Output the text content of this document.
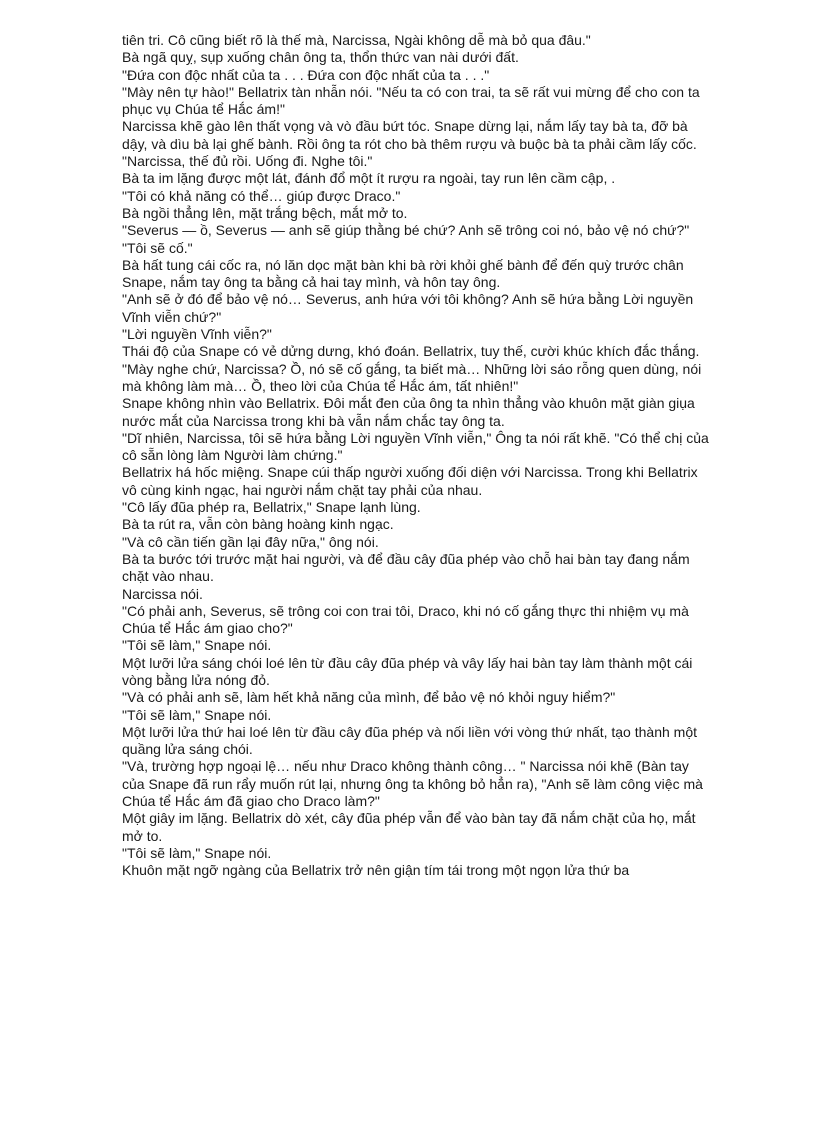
tiên tri. Cô cũng biết rõ là thế mà, Narcissa, Ngài không dễ mà bỏ qua đâu."

Bà ngã quỵ, sụp xuống chân ông ta, thổn thức van nài dưới đất.

"Đứa con độc nhất của ta . . . Đứa con độc nhất của ta . . ."

"Mày nên tự hào!" Bellatrix tàn nhẫn nói. "Nếu ta có con trai, ta sẽ rất vui mừng để cho con ta phục vụ Chúa tể Hắc ám!"

Narcissa khẽ gào lên thất vọng và vò đầu bứt tóc. Snape dừng lại, nắm lấy tay bà ta, đỡ bà dậy, và dìu bà lại ghế bành. Rồi ông ta rót cho bà thêm rượu và buộc bà ta phải cầm lấy cốc.

"Narcissa, thế đủ rồi. Uống đi. Nghe tôi."

Bà ta im lặng được một lát, đánh đổ một ít rượu ra ngoài, tay run lên cầm cập, .

"Tôi có khả năng có thể… giúp được Draco."

Bà ngồi thẳng lên, mặt trắng bệch, mắt mở to.

"Severus — ồ, Severus — anh sẽ giúp thằng bé chứ? Anh sẽ trông coi nó, bảo vệ nó chứ?"

"Tôi sẽ cố."

Bà hất tung cái cốc ra, nó lăn dọc mặt bàn khi bà rời khỏi ghế bành để đến quỳ trước chân Snape, nắm tay ông ta bằng cả hai tay mình, và hôn tay ông.

"Anh sẽ ở đó để bảo vệ nó… Severus, anh hứa với tôi không? Anh sẽ hứa bằng Lời nguyền Vĩnh viễn chứ?"

"Lời nguyền Vĩnh viễn?"

Thái độ của Snape có vẻ dửng dưng, khó đoán. Bellatrix, tuy thế, cười khúc khích đắc thắng.

"Mày nghe chứ, Narcissa? Ồ, nó sẽ cố gắng, ta biết mà… Những lời sáo rỗng quen dùng, nói mà không làm mà… Ồ, theo lời của Chúa tể Hắc ám, tất nhiên!"

Snape không nhìn vào Bellatrix. Đôi mắt đen của ông ta nhìn thẳng vào khuôn mặt giàn giụa nước mắt của Narcissa trong khi bà vẫn nắm chắc tay ông ta.

"Dĩ nhiên, Narcissa, tôi sẽ hứa bằng Lời nguyền Vĩnh viễn," Ông ta nói rất khẽ. "Có thể chị của cô sẵn lòng làm Người làm chứng."

Bellatrix há hốc miệng. Snape cúi thấp người xuống đối diện với Narcissa. Trong khi Bellatrix vô cùng kinh ngạc, hai người nắm chặt tay phải của nhau.

"Cô lấy đũa phép ra, Bellatrix," Snape lạnh lùng.

Bà ta rút ra, vẫn còn bàng hoàng kinh ngạc.

"Và cô cần tiến gần lại đây nữa," ông nói.

Bà ta bước tới trước mặt hai người, và để đầu cây đũa phép vào chỗ hai bàn tay đang nắm chặt vào nhau.

Narcissa nói.

"Có phải anh, Severus, sẽ trông coi con trai tôi, Draco, khi nó cố gắng thực thi nhiệm vụ mà Chúa tể Hắc ám giao cho?"

"Tôi sẽ làm," Snape nói.

Một lưỡi lửa sáng chói loé lên từ đầu cây đũa phép và vây lấy hai bàn tay làm thành một cái vòng bằng lửa nóng đỏ.

"Và có phải anh sẽ, làm hết khả năng của mình, để bảo vệ nó khỏi nguy hiểm?"

"Tôi sẽ làm," Snape nói.

Một lưỡi lửa thứ hai loé lên từ đầu cây đũa phép và nối liền với vòng thứ nhất, tạo thành một quầng lửa sáng chói.

"Và, trường hợp ngoại lệ… nếu như Draco không thành công… " Narcissa nói khẽ (Bàn tay của Snape đã run rẩy muốn rút lại, nhưng ông ta không bỏ hẳn ra), "Anh sẽ làm công việc mà Chúa tể Hắc ám đã giao cho Draco làm?"

Một giây im lặng. Bellatrix dò xét, cây đũa phép vẫn để vào bàn tay đã nắm chặt của họ, mắt mở to.

"Tôi sẽ làm," Snape nói.

Khuôn mặt ngỡ ngàng của Bellatrix trở nên giận tím tái trong một ngọn lửa thứ ba
